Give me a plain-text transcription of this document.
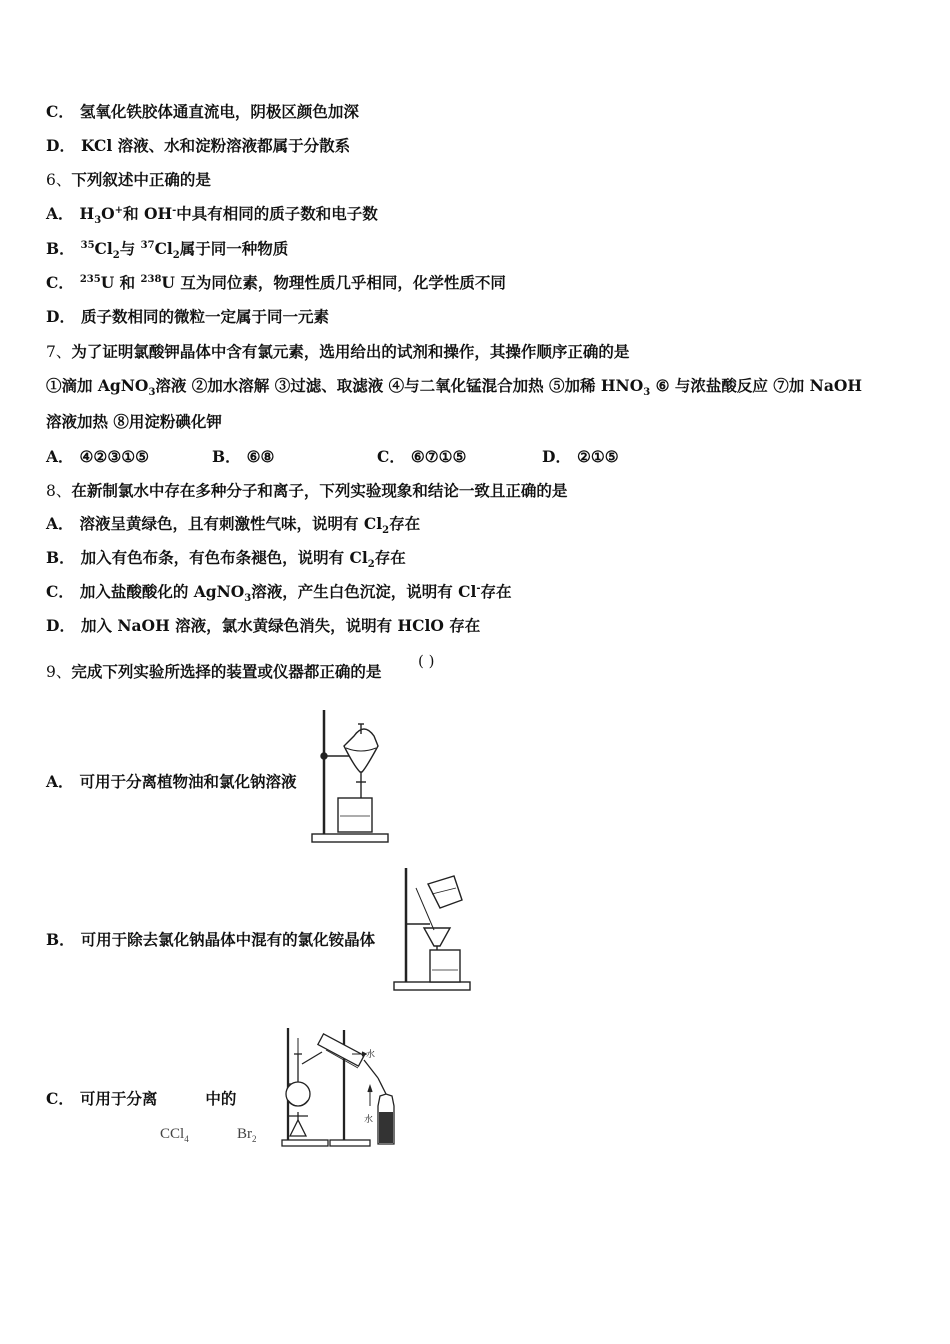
C． 氢氧化铁胶体通直流电，阴极区颜色加深
D． KCl 溶液、水和淀粉溶液都属于分散系
6、下列叙述中正确的是
A． $H_3O^+$和 OH-中具有相同的质子数和电子数
B． $^{35}Cl_2$与 $^{37}Cl_2$属于同一种物质
C． $^{235}$U 和 $^{238}$U 互为同位素，物理性质几乎相同，化学性质不同
D． 质子数相同的微粒一定属于同一元素
7、为了证明氯酸钾晶体中含有氯元素，选用给出的试剂和操作，其操作顺序正确的是
①滴加 AgNO$_3$溶液 ②加水溶解 ③过滤、取滤液 ④与二氧化锰混合加热 ⑤加稀 $HNO_3$ ⑥ 与浓盐酸反应 ⑦加 NaOH
溶液加热 ⑧用淀粉碘化钾
A． ④②③①⑤	B． ⑥⑧	C． ⑥⑦①⑤	D． ②①⑤
8、在新制氯水中存在多种分子和离子，下列实验现象和结论一致且正确的是
A． 溶液呈黄绿色，且有刺激性气味，说明有 $Cl_2$存在
B． 加入有色布条，有色布条褪色，说明有 $Cl_2$存在
C． 加入盐酸酸化的 AgNO$_3$溶液，产生白色沉淀，说明有 Cl-存在
D． 加入 NaOH 溶液，氯水黄绿色消失，说明有 HClO 存在
9、完成下列实验所选择的装置或仪器都正确的是
( )
A． 可用于分离植物油和氯化钠溶液
B． 可用于除去氯化钠晶体中混有的氯化铵晶体
C． 可用于分离	中的
CCl$_4$	$Br_2$
水
水
